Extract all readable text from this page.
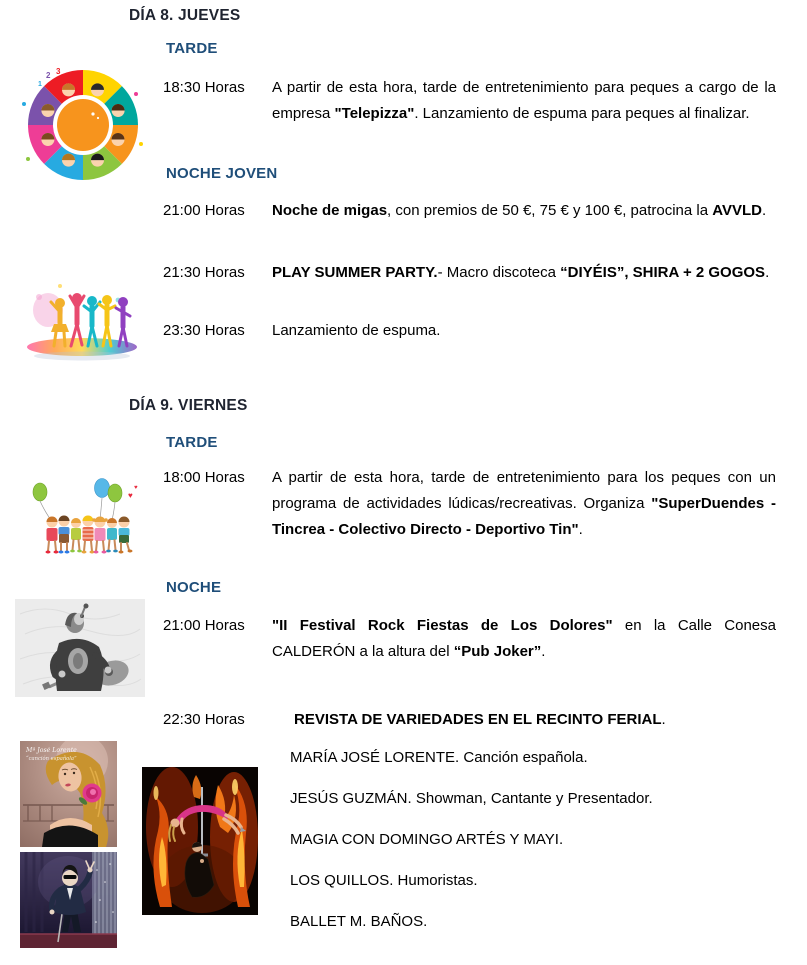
DÍA 8. JUEVES
TARDE
18:30 Horas	A partir de esta hora, tarde de entretenimiento para peques a cargo de la empresa "Telepizza". Lanzamiento de espuma para peques al finalizar.
NOCHE JOVEN
21:00 Horas	Noche de migas, con premios de 50 €, 75 € y 100 €, patrocina la AVVLD.
21:30 Horas	PLAY SUMMER PARTY.- Macro discoteca “DIYÉIS”, SHIRA + 2 GOGOS.
23:30 Horas	Lanzamiento de espuma.
DÍA 9. VIERNES
TARDE
18:00 Horas	A partir de esta hora, tarde de entretenimiento para los peques con un programa de actividades lúdicas/recreativas. Organiza "SuperDuendes - Tincrea - Colectivo Directo - Deportivo Tin".
NOCHE
21:00 Horas	"II Festival Rock Fiestas de Los Dolores" en la Calle Conesa CALDERÓN a la altura del “Pub Joker”.
22:30 Horas	REVISTA DE VARIEDADES EN EL RECINTO FERIAL.
MARÍA JOSÉ LORENTE. Canción española.
JESÚS GUZMÁN. Showman, Cantante y Presentador.
MAGIA CON DOMINGO ARTÉS Y MAYI.
LOS QUILLOS. Humoristas.
BALLET M. BAÑOS.
2 3
1
♥
♥
Mª José Lorente
“canción española”
